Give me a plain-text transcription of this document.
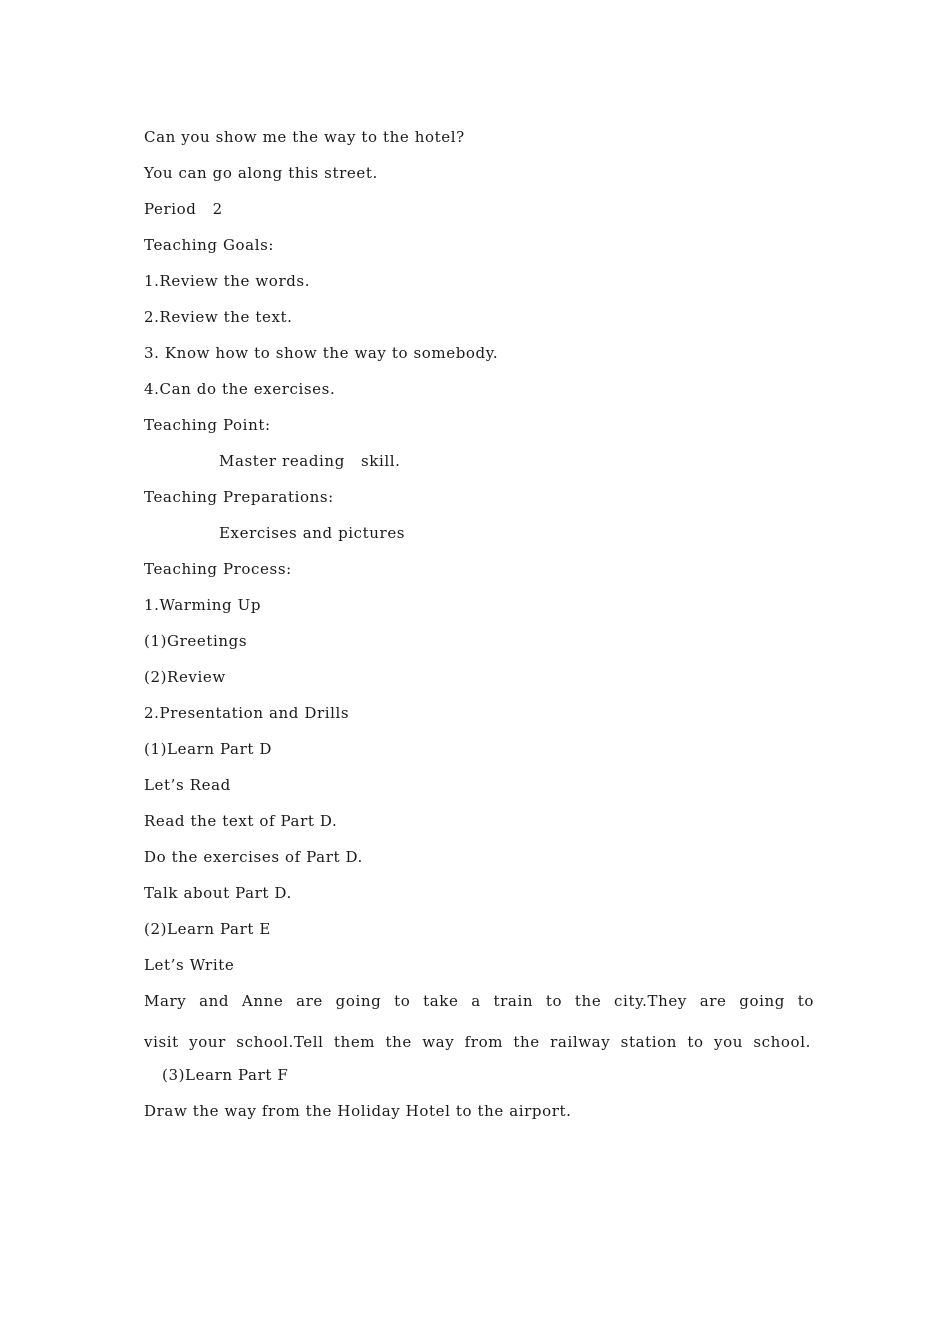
Can you show me the way to the hotel?
You can go along this street.
Period   2
Teaching Goals:
1.Review the words.
2.Review the text.
3. Know how to show the way to somebody.
4.Can do the exercises.
Teaching Point:
Master reading   skill.
Teaching Preparations:
Exercises and pictures
Teaching Process:
1.Warming Up
(1)Greetings
(2)Review
2.Presentation and Drills
(1)Learn Part D
Let’s Read
Read the text of Part D.
Do the exercises of Part D.
Talk about Part D.
(2)Learn Part E
Let’s Write
Mary and Anne are going to take a train to the city.They are going to visit your school.Tell them the way from the railway station to you school.
(3)Learn Part F
Draw the way from the Holiday Hotel to the airport.
